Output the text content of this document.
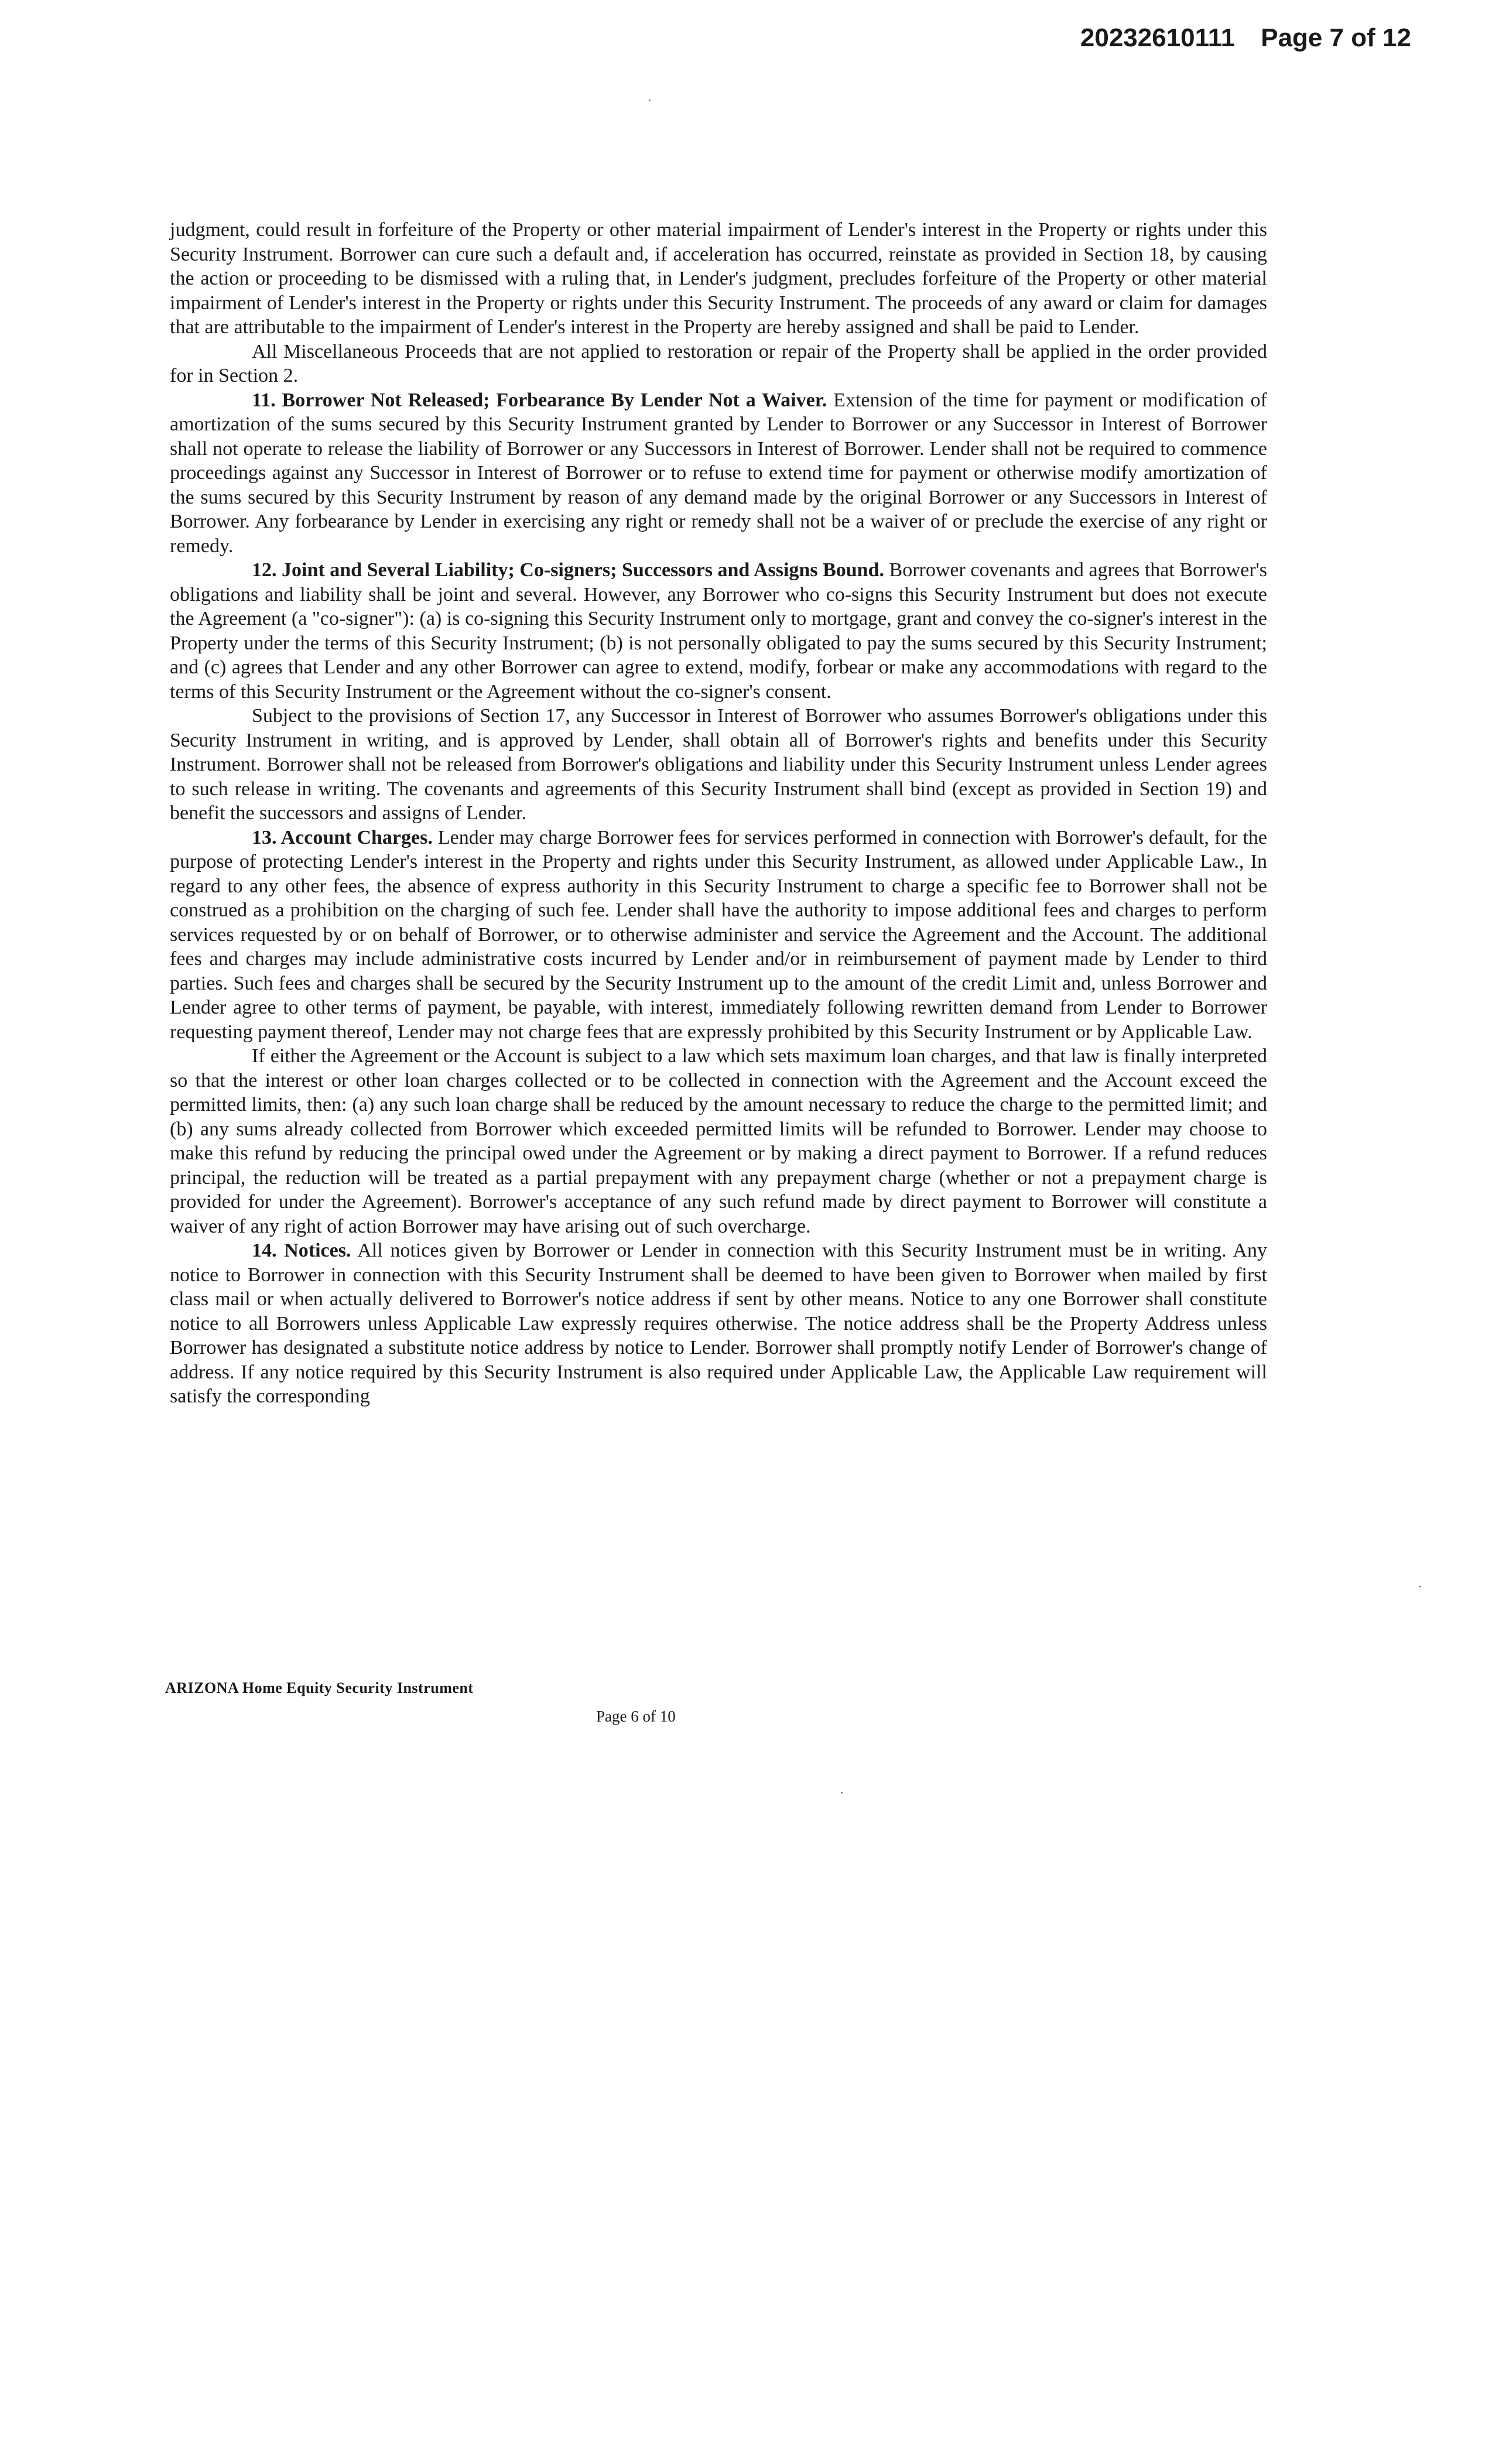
20232610111 Page 7 of 12

judgment, could result in forfeiture of the Property or other material impairment of Lender's interest in the Property or rights under this Security Instrument. Borrower can cure such a default and, if acceleration has occurred, reinstate as provided in Section 18, by causing the action or proceeding to be dismissed with a ruling that, in Lender's judgment, precludes forfeiture of the Property or other material impairment of Lender's interest in the Property or rights under this Security Instrument. The proceeds of any award or claim for damages that are attributable to the impairment of Lender's interest in the Property are hereby assigned and shall be paid to Lender.

All Miscellaneous Proceeds that are not applied to restoration or repair of the Property shall be applied in the order provided for in Section 2.

11. Borrower Not Released; Forbearance By Lender Not a Waiver. Extension of the time for payment or modification of amortization of the sums secured by this Security Instrument granted by Lender to Borrower or any Successor in Interest of Borrower shall not operate to release the liability of Borrower or any Successors in Interest of Borrower. Lender shall not be required to commence proceedings against any Successor in Interest of Borrower or to refuse to extend time for payment or otherwise modify amortization of the sums secured by this Security Instrument by reason of any demand made by the original Borrower or any Successors in Interest of Borrower. Any forbearance by Lender in exercising any right or remedy shall not be a waiver of or preclude the exercise of any right or remedy.

12. Joint and Several Liability; Co-signers; Successors and Assigns Bound. Borrower covenants and agrees that Borrower's obligations and liability shall be joint and several. However, any Borrower who co-signs this Security Instrument but does not execute the Agreement (a "co-signer"): (a) is co-signing this Security Instrument only to mortgage, grant and convey the co-signer's interest in the Property under the terms of this Security Instrument; (b) is not personally obligated to pay the sums secured by this Security Instrument; and (c) agrees that Lender and any other Borrower can agree to extend, modify, forbear or make any accommodations with regard to the terms of this Security Instrument or the Agreement without the co-signer's consent.

Subject to the provisions of Section 17, any Successor in Interest of Borrower who assumes Borrower's obligations under this Security Instrument in writing, and is approved by Lender, shall obtain all of Borrower's rights and benefits under this Security Instrument. Borrower shall not be released from Borrower's obligations and liability under this Security Instrument unless Lender agrees to such release in writing. The covenants and agreements of this Security Instrument shall bind (except as provided in Section 19) and benefit the successors and assigns of Lender.

13. Account Charges. Lender may charge Borrower fees for services performed in connection with Borrower's default, for the purpose of protecting Lender's interest in the Property and rights under this Security Instrument, as allowed under Applicable Law., In regard to any other fees, the absence of express authority in this Security Instrument to charge a specific fee to Borrower shall not be construed as a prohibition on the charging of such fee. Lender shall have the authority to impose additional fees and charges to perform services requested by or on behalf of Borrower, or to otherwise administer and service the Agreement and the Account. The additional fees and charges may include administrative costs incurred by Lender and/or in reimbursement of payment made by Lender to third parties. Such fees and charges shall be secured by the Security Instrument up to the amount of the credit Limit and, unless Borrower and Lender agree to other terms of payment, be payable, with interest, immediately following rewritten demand from Lender to Borrower requesting payment thereof, Lender may not charge fees that are expressly prohibited by this Security Instrument or by Applicable Law.

If either the Agreement or the Account is subject to a law which sets maximum loan charges, and that law is finally interpreted so that the interest or other loan charges collected or to be collected in connection with the Agreement and the Account exceed the permitted limits, then: (a) any such loan charge shall be reduced by the amount necessary to reduce the charge to the permitted limit; and (b) any sums already collected from Borrower which exceeded permitted limits will be refunded to Borrower. Lender may choose to make this refund by reducing the principal owed under the Agreement or by making a direct payment to Borrower. If a refund reduces principal, the reduction will be treated as a partial prepayment with any prepayment charge (whether or not a prepayment charge is provided for under the Agreement). Borrower's acceptance of any such refund made by direct payment to Borrower will constitute a waiver of any right of action Borrower may have arising out of such overcharge.

14. Notices. All notices given by Borrower or Lender in connection with this Security Instrument must be in writing. Any notice to Borrower in connection with this Security Instrument shall be deemed to have been given to Borrower when mailed by first class mail or when actually delivered to Borrower's notice address if sent by other means. Notice to any one Borrower shall constitute notice to all Borrowers unless Applicable Law expressly requires otherwise. The notice address shall be the Property Address unless Borrower has designated a substitute notice address by notice to Lender. Borrower shall promptly notify Lender of Borrower's change of address. If any notice required by this Security Instrument is also required under Applicable Law, the Applicable Law requirement will satisfy the corresponding

ARIZONA Home Equity Security Instrument
Page 6 of 10
